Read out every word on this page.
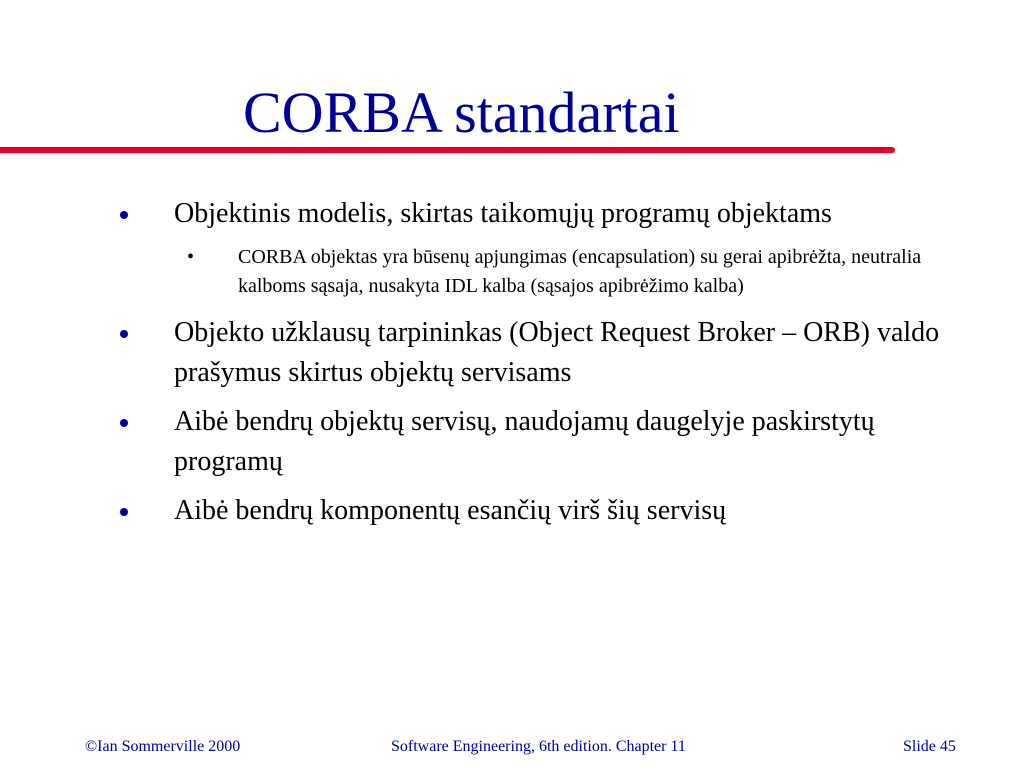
CORBA standartai
Objektinis modelis, skirtas taikomųjų programų objektams
• CORBA objektas yra būsenų apjungimas (encapsulation) su gerai apibrėžta, neutralia kalboms sąsaja, nusakyta IDL kalba (sąsajos apibrėžimo kalba)
Objekto užklausų tarpininkas (Object Request Broker – ORB) valdo prašymus skirtus objektų servisams
Aibė bendrų objektų servisų, naudojamų daugelyje paskirstytų programų
Aibė bendrų komponentų esančių virš šių servisų
©Ian Sommerville 2000	Software Engineering, 6th edition. Chapter 11	Slide 45
